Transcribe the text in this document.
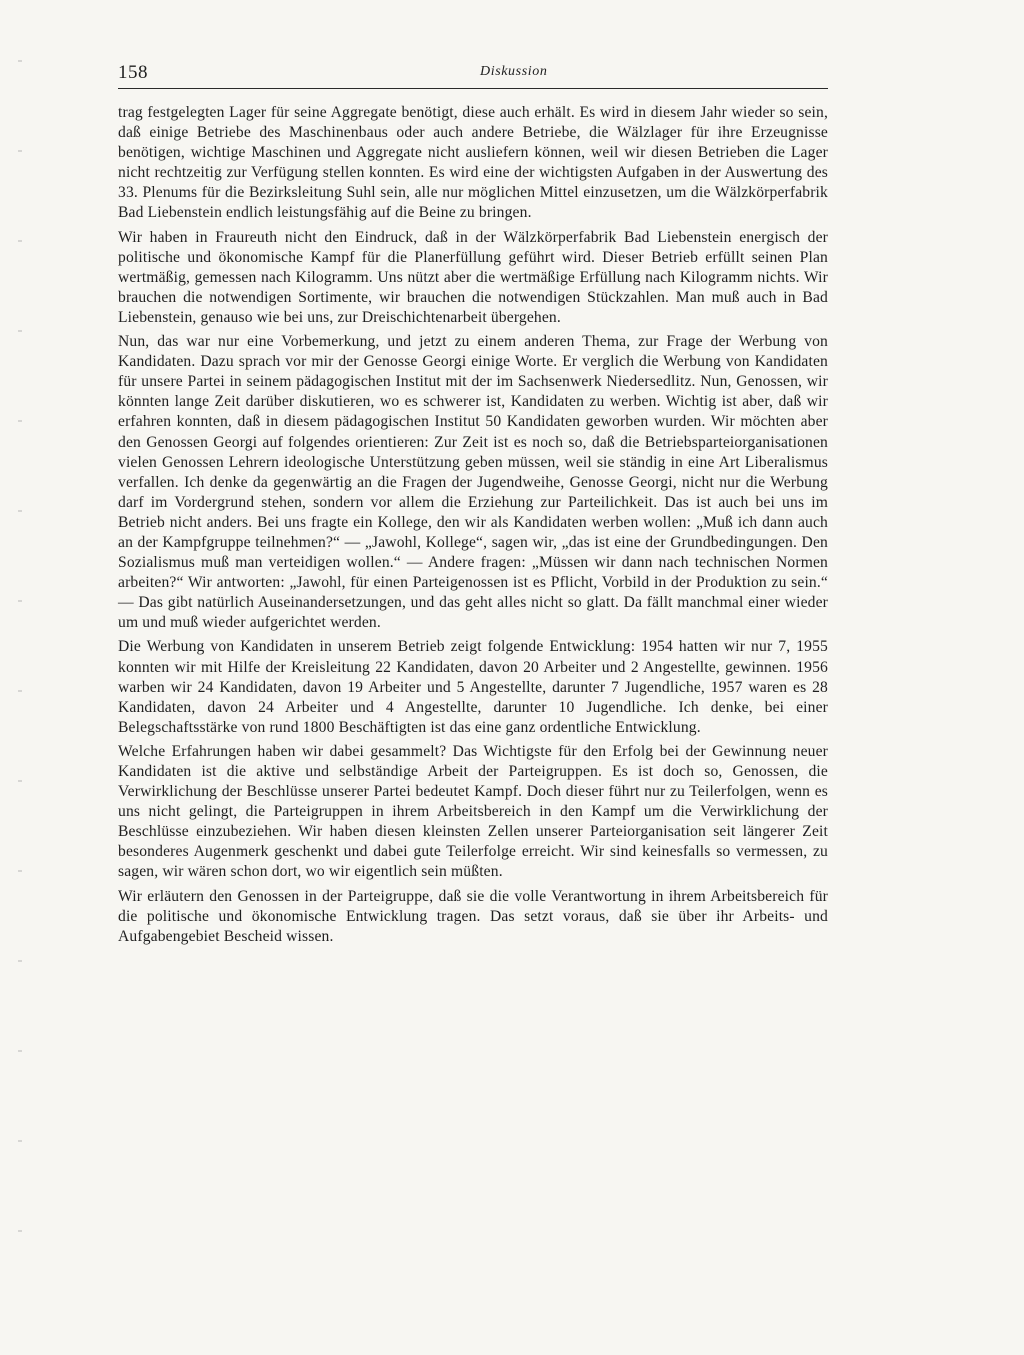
158	Diskussion

trag festgelegten Lager für seine Aggregate benötigt, diese auch erhält. Es wird in diesem Jahr wieder so sein, daß einige Betriebe des Maschinenbaus oder auch andere Betriebe, die Wälzlager für ihre Erzeugnisse benötigen, wichtige Maschinen und Aggregate nicht ausliefern können, weil wir diesen Betrieben die Lager nicht rechtzeitig zur Verfügung stellen konnten. Es wird eine der wichtigsten Aufgaben in der Auswertung des 33. Plenums für die Bezirksleitung Suhl sein, alle nur möglichen Mittel einzusetzen, um die Wälzkörperfabrik Bad Liebenstein endlich leistungsfähig auf die Beine zu bringen.

Wir haben in Fraureuth nicht den Eindruck, daß in der Wälzkörperfabrik Bad Liebenstein energisch der politische und ökonomische Kampf für die Planerfüllung geführt wird. Dieser Betrieb erfüllt seinen Plan wertmäßig, gemessen nach Kilogramm. Uns nützt aber die wertmäßige Erfüllung nach Kilogramm nichts. Wir brauchen die notwendigen Sortimente, wir brauchen die notwendigen Stückzahlen. Man muß auch in Bad Liebenstein, genauso wie bei uns, zur Dreischichtenarbeit übergehen.

Nun, das war nur eine Vorbemerkung, und jetzt zu einem anderen Thema, zur Frage der Werbung von Kandidaten. Dazu sprach vor mir der Genosse Georgi einige Worte. Er verglich die Werbung von Kandidaten für unsere Partei in seinem pädagogischen Institut mit der im Sachsenwerk Niedersedlitz. Nun, Genossen, wir könnten lange Zeit darüber diskutieren, wo es schwerer ist, Kandidaten zu werben. Wichtig ist aber, daß wir erfahren konnten, daß in diesem pädagogischen Institut 50 Kandidaten geworben wurden. Wir möchten aber den Genossen Georgi auf folgendes orientieren: Zur Zeit ist es noch so, daß die Betriebsparteiorganisationen vielen Genossen Lehrern ideologische Unterstützung geben müssen, weil sie ständig in eine Art Liberalismus verfallen. Ich denke da gegenwärtig an die Fragen der Jugendweihe, Genosse Georgi, nicht nur die Werbung darf im Vordergrund stehen, sondern vor allem die Erziehung zur Parteilichkeit. Das ist auch bei uns im Betrieb nicht anders. Bei uns fragte ein Kollege, den wir als Kandidaten werben wollen: „Muß ich dann auch an der Kampfgruppe teilnehmen?“ — „Jawohl, Kollege“, sagen wir, „das ist eine der Grundbedingungen. Den Sozialismus muß man verteidigen wollen.“ — Andere fragen: „Müssen wir dann nach technischen Normen arbeiten?“ Wir antworten: „Jawohl, für einen Parteigenossen ist es Pflicht, Vorbild in der Produktion zu sein.“ — Das gibt natürlich Auseinandersetzungen, und das geht alles nicht so glatt. Da fällt manchmal einer wieder um und muß wieder aufgerichtet werden.

Die Werbung von Kandidaten in unserem Betrieb zeigt folgende Entwicklung: 1954 hatten wir nur 7, 1955 konnten wir mit Hilfe der Kreisleitung 22 Kandidaten, davon 20 Arbeiter und 2 Angestellte, gewinnen. 1956 warben wir 24 Kandidaten, davon 19 Arbeiter und 5 Angestellte, darunter 7 Jugendliche, 1957 waren es 28 Kandidaten, davon 24 Arbeiter und 4 Angestellte, darunter 10 Jugendliche. Ich denke, bei einer Belegschaftsstärke von rund 1800 Beschäftigten ist das eine ganz ordentliche Entwicklung.

Welche Erfahrungen haben wir dabei gesammelt? Das Wichtigste für den Erfolg bei der Gewinnung neuer Kandidaten ist die aktive und selbständige Arbeit der Parteigruppen. Es ist doch so, Genossen, die Verwirklichung der Beschlüsse unserer Partei bedeutet Kampf. Doch dieser führt nur zu Teilerfolgen, wenn es uns nicht gelingt, die Parteigruppen in ihrem Arbeitsbereich in den Kampf um die Verwirklichung der Beschlüsse einzubeziehen. Wir haben diesen kleinsten Zellen unserer Parteiorganisation seit längerer Zeit besonderes Augenmerk geschenkt und dabei gute Teilerfolge erreicht. Wir sind keinesfalls so vermessen, zu sagen, wir wären schon dort, wo wir eigentlich sein müßten.

Wir erläutern den Genossen in der Parteigruppe, daß sie die volle Verantwortung in ihrem Arbeitsbereich für die politische und ökonomische Entwicklung tragen. Das setzt voraus, daß sie über ihr Arbeits- und Aufgabengebiet Bescheid wissen.
